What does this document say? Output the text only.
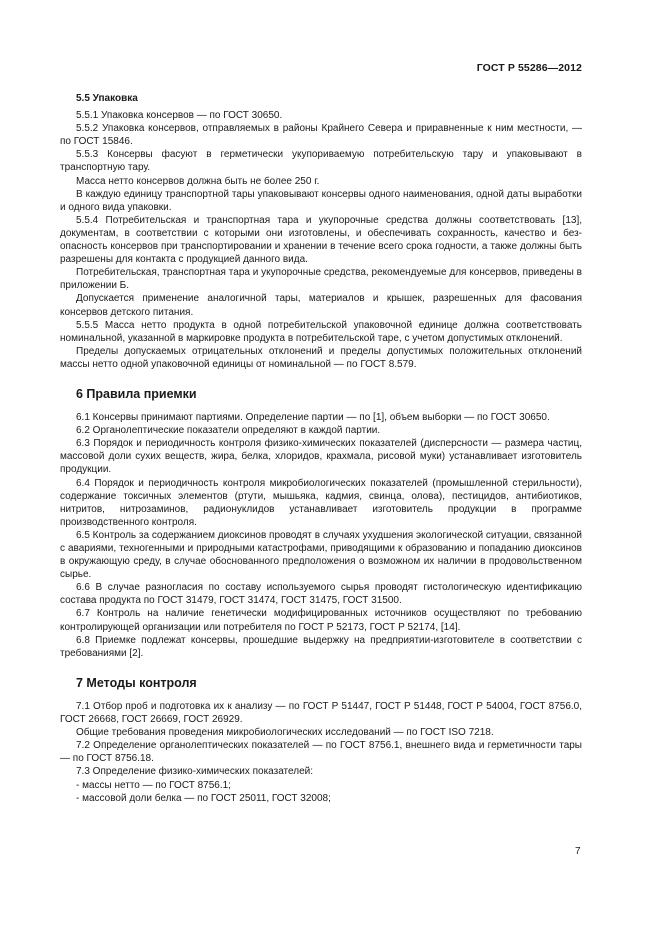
ГОСТ Р 55286—2012
5.5 Упаковка

5.5.1 Упаковка консервов — по ГОСТ 30650.

5.5.2 Упаковка консервов, отправляемых в районы Крайнего Севера и приравненные к ним местности, — по ГОСТ 15846.

5.5.3 Консервы фасуют в герметически укупориваемую потребительскую тару и упаковывают в транспортную тару.

Масса нетто консервов должна быть не более 250 г.

В каждую единицу транспортной тары упаковывают консервы одного наименования, одной даты выработки и одного вида упаковки.

5.5.4 Потребительская и транспортная тара и укупорочные средства должны соответствовать [13], документам, в соответствии с которыми они изготовлены, и обеспечивать сохранность, качество и безопасность консервов при транспортировании и хранении в течение всего срока годности, а также должны быть разрешены для контакта с продукцией данного вида.

Потребительская, транспортная тара и укупорочные средства, рекомендуемые для консервов, приведены в приложении Б.

Допускается применение аналогичной тары, материалов и крышек, разрешенных для фасования консервов детского питания.

5.5.5 Масса нетто продукта в одной потребительской упаковочной единице должна соответствовать номинальной, указанной в маркировке продукта в потребительской таре, с учетом допустимых отклонений.

Пределы допускаемых отрицательных отклонений и пределы допустимых положительных отклонений массы нетто одной упаковочной единицы от номинальной — по ГОСТ 8.579.

6 Правила приемки

6.1 Консервы принимают партиями. Определение партии — по [1], объем выборки — по ГОСТ 30650.

6.2 Органолептические показатели определяют в каждой партии.

6.3 Порядок и периодичность контроля физико-химических показателей (дисперсности — размера частиц, массовой доли сухих веществ, жира, белка, хлоридов, крахмала, рисовой муки) устанавливает изготовитель продукции.

6.4 Порядок и периодичность контроля микробиологических показателей (промышленной стерильности), содержание токсичных элементов (ртути, мышьяка, кадмия, свинца, олова), пестицидов, антибиотиков, нитритов, нитрозаминов, радионуклидов устанавливает изготовитель продукции в программе производственного контроля.

6.5 Контроль за содержанием диоксинов проводят в случаях ухудшения экологической ситуации, связанной с авариями, техногенными и природными катастрофами, приводящими к образованию и попаданию диоксинов в окружающую среду, в случае обоснованного предположения о возможном их наличии в продовольственном сырье.

6.6 В случае разногласия по составу используемого сырья проводят гистологическую идентификацию состава продукта по ГОСТ 31479, ГОСТ 31474, ГОСТ 31475, ГОСТ 31500.

6.7 Контроль на наличие генетически модифицированных источников осуществляют по требованию контролирующей организации или потребителя по ГОСТ Р 52173, ГОСТ Р 52174, [14].

6.8 Приемке подлежат консервы, прошедшие выдержку на предприятии-изготовителе в соответствии с требованиями [2].

7 Методы контроля

7.1 Отбор проб и подготовка их к анализу — по ГОСТ Р 51447, ГОСТ Р 51448, ГОСТ Р 54004, ГОСТ 8756.0, ГОСТ 26668, ГОСТ 26669, ГОСТ 26929.

Общие требования проведения микробиологических исследований — по ГОСТ ISO 7218.

7.2 Определение органолептических показателей — по ГОСТ 8756.1, внешнего вида и герметичности тары — по ГОСТ 8756.18.

7.3 Определение физико-химических показателей:

- массы нетто — по ГОСТ 8756.1;

- массовой доли белка — по ГОСТ 25011, ГОСТ 32008;

7
